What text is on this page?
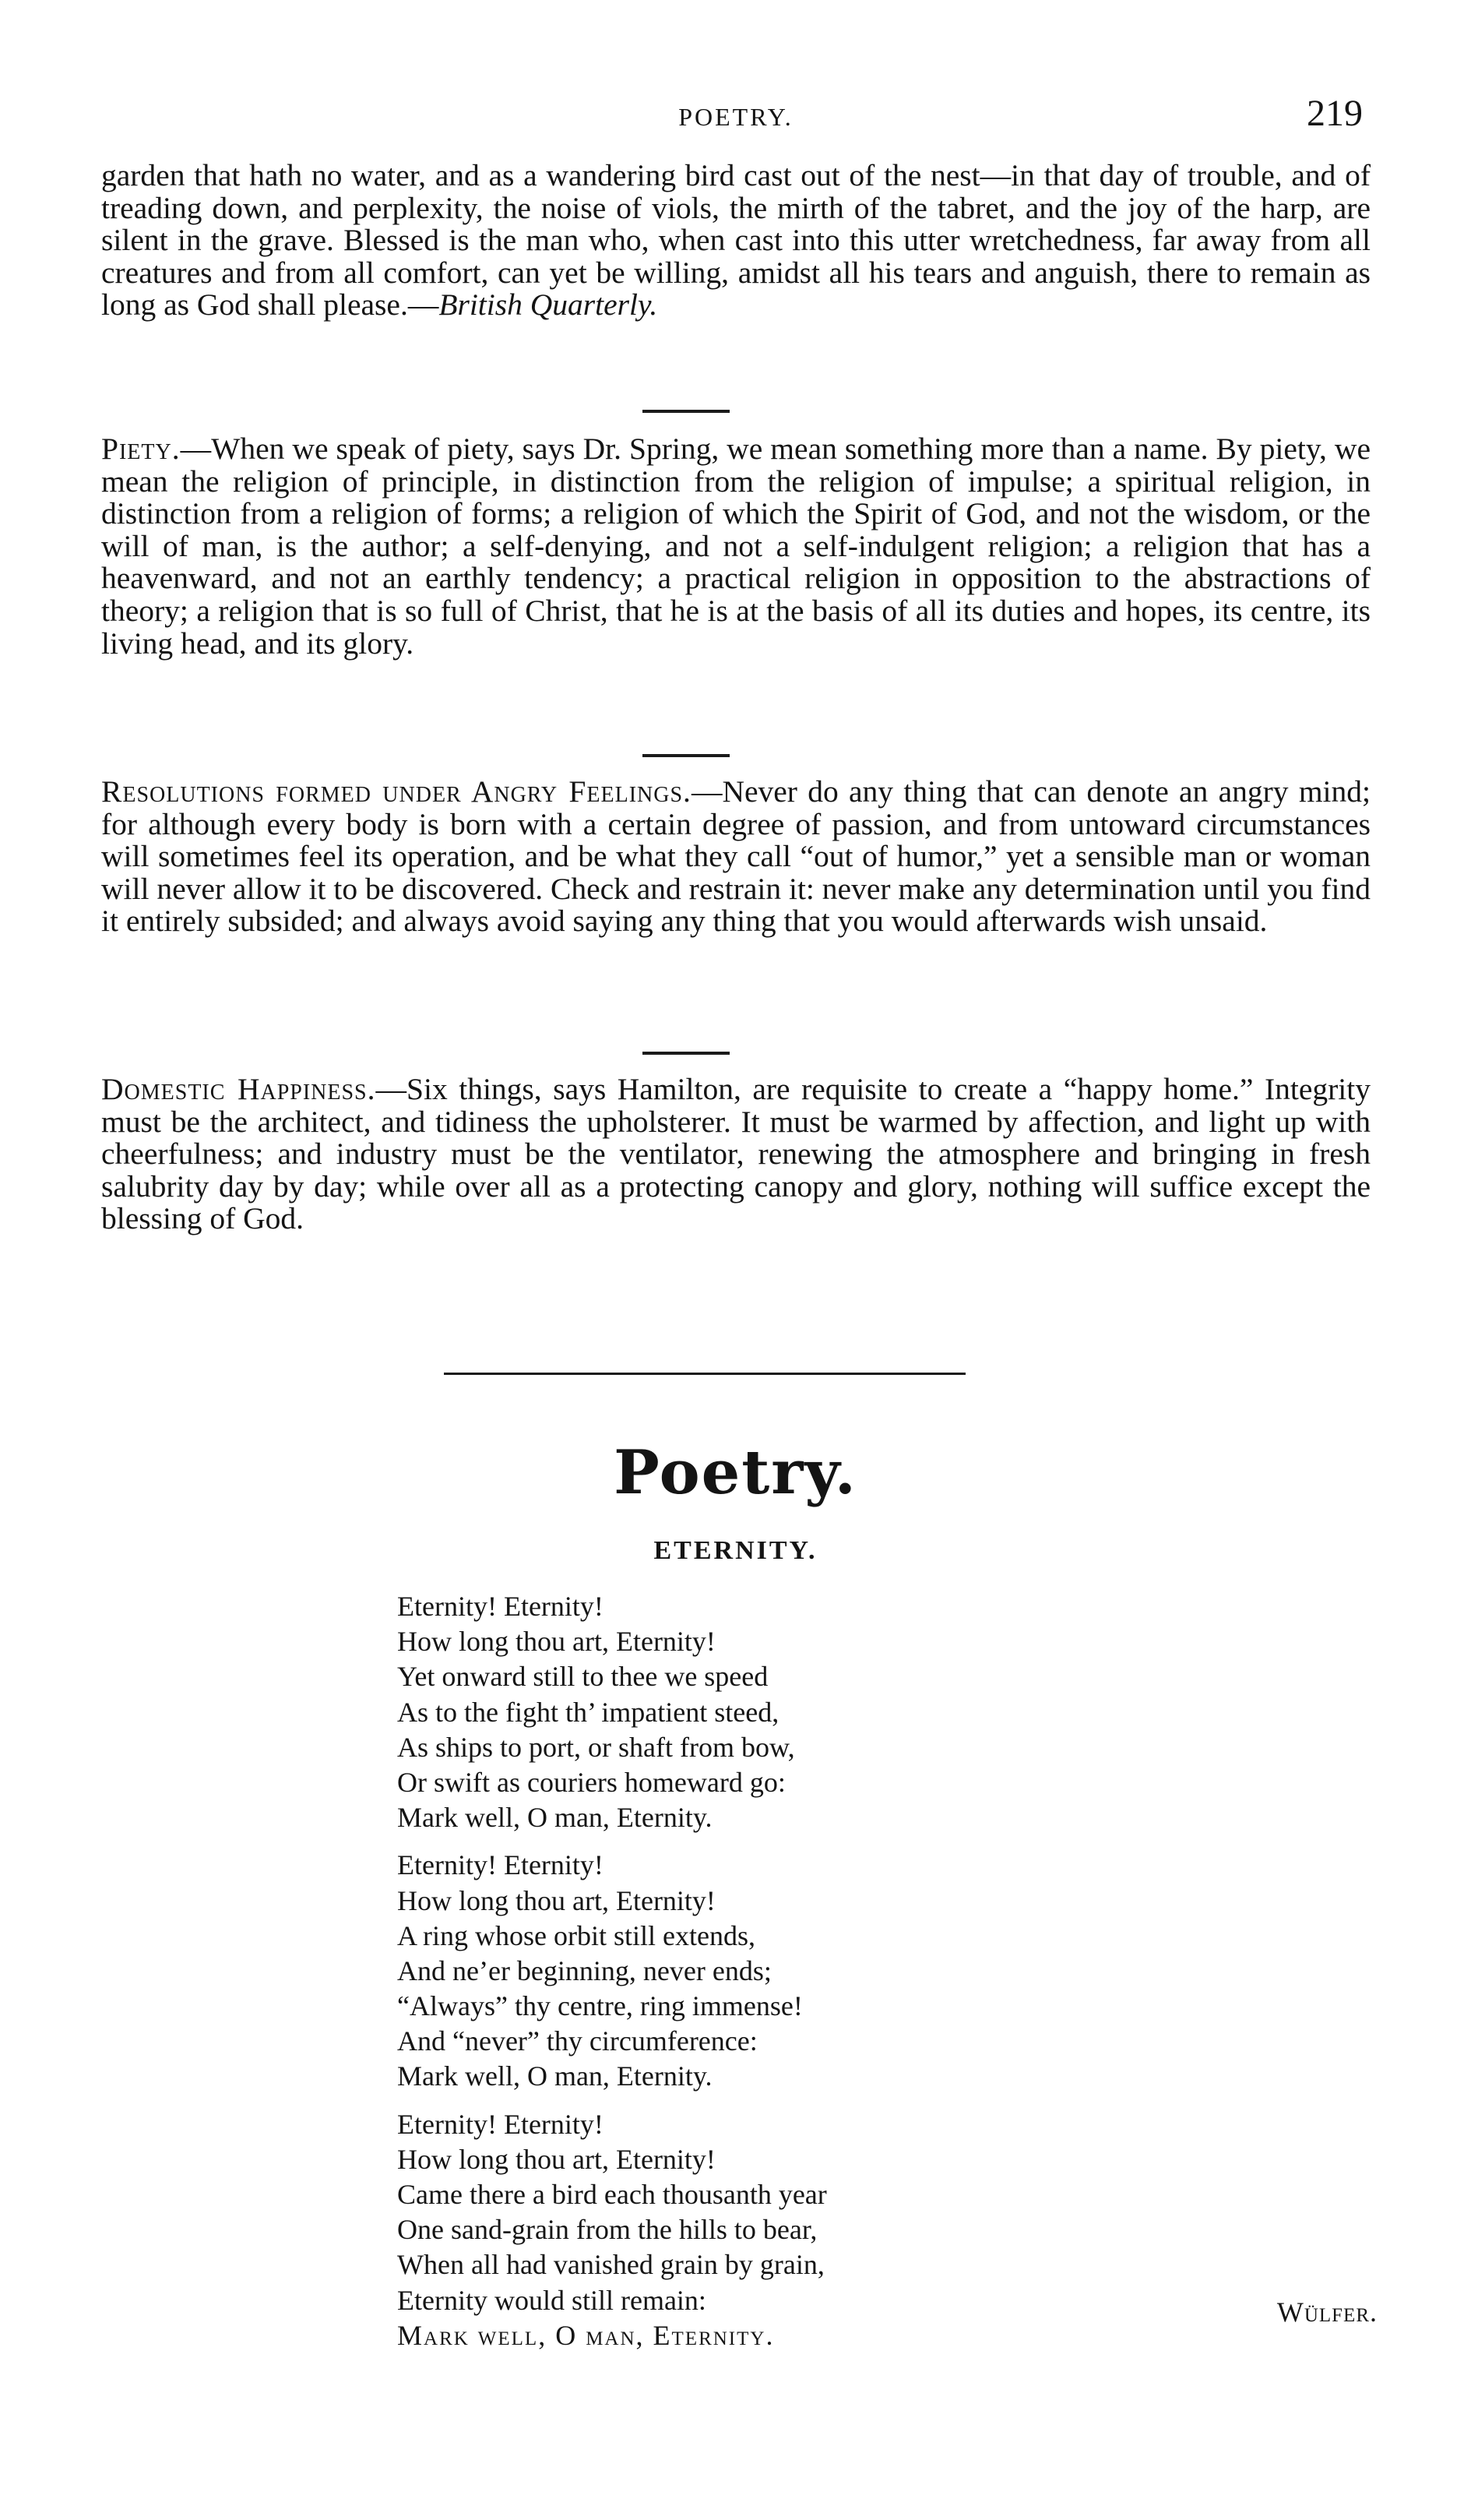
POETRY.	219

garden that hath no water, and as a wandering bird cast out of the nest—in that day of trouble, and of treading down, and perplexity, the noise of viols, the mirth of the tabret, and the joy of the harp, are silent in the grave. Blessed is the man who, when cast into this utter wretchedness, far away from all creatures and from all comfort, can yet be willing, amidst all his tears and anguish, there to remain as long as God shall please.—British Quarterly.

Piety.—When we speak of piety, says Dr. Spring, we mean something more than a name. By piety, we mean the religion of principle, in distinction from the religion of impulse; a spiritual religion, in distinction from a religion of forms; a religion of which the Spirit of God, and not the wisdom, or the will of man, is the author; a self-denying, and not a self-indulgent religion; a religion that has a heavenward, and not an earthly tendency; a practical religion in opposition to the abstractions of theory; a religion that is so full of Christ, that he is at the basis of all its duties and hopes, its centre, its living head, and its glory.

Resolutions formed under Angry Feelings.—Never do any thing that can denote an angry mind; for although every body is born with a certain degree of passion, and from untoward circumstances will sometimes feel its operation, and be what they call “out of humor,” yet a sensible man or woman will never allow it to be discovered. Check and restrain it: never make any determination until you find it entirely subsided; and always avoid saying any thing that you would afterwards wish unsaid.

Domestic Happiness.—Six things, says Hamilton, are requisite to create a “happy home.” Integrity must be the architect, and tidiness the upholsterer. It must be warmed by affection, and light up with cheerfulness; and industry must be the ventilator, renewing the atmosphere and bringing in fresh salubrity day by day; while over all as a protecting canopy and glory, nothing will suffice except the blessing of God.

Poetry.
ETERNITY.
Eternity! Eternity!
How long thou art, Eternity!
Yet onward still to thee we speed
As to the fight th’ impatient steed,
As ships to port, or shaft from bow,
Or swift as couriers homeward go:
Mark well, O man, Eternity.
Eternity! Eternity!
How long thou art, Eternity!
A ring whose orbit still extends,
And ne’er beginning, never ends;
“Always” thy centre, ring immense!
And “never” thy circumference:
Mark well, O man, Eternity.
Eternity! Eternity!
How long thou art, Eternity!
Came there a bird each thousanth year
One sand-grain from the hills to bear,
When all had vanished grain by grain,
Eternity would still remain:
Mark well, O man, Eternity.
Wülfer.
